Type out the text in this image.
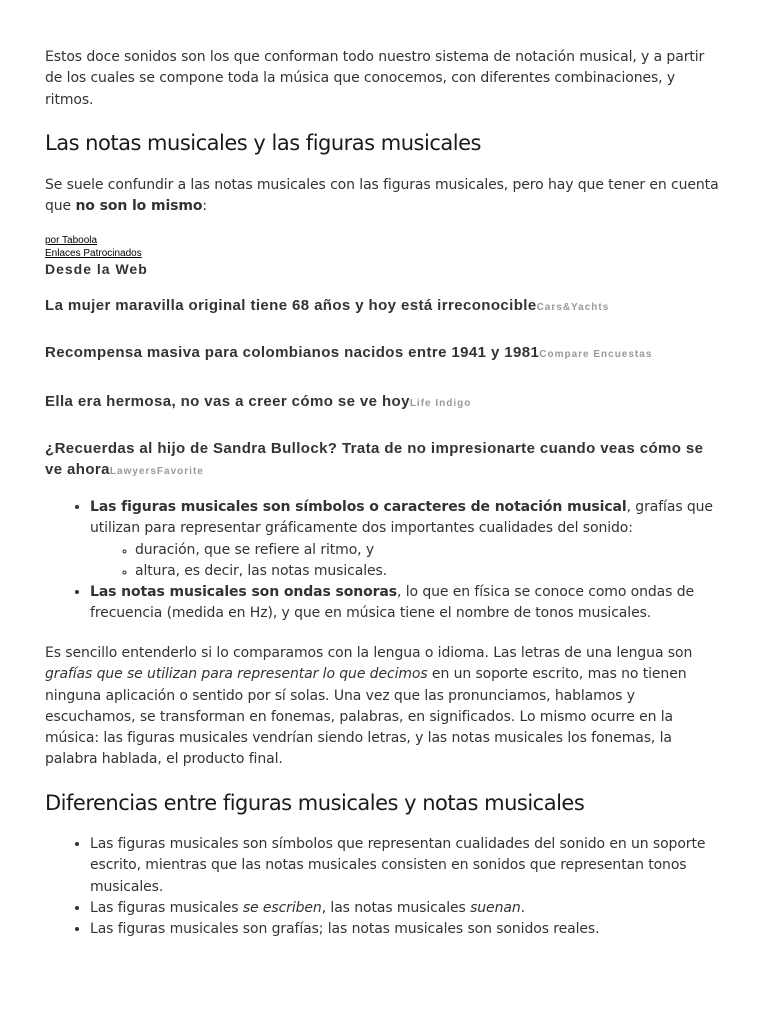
Estos doce sonidos son los que conforman todo nuestro sistema de notación musical, y a partir de los cuales se compone toda la música que conocemos, con diferentes combinaciones, y ritmos.

Las notas musicales y las figuras musicales

Se suele confundir a las notas musicales con las figuras musicales, pero hay que tener en cuenta que no son lo mismo:

por Taboola
Enlaces Patrocinados
Desde la Web
La mujer maravilla original tiene 68 años y hoy está irreconocibleCars&Yachts
Recompensa masiva para colombianos nacidos entre 1941 y 1981Compare Encuestas
Ella era hermosa, no vas a creer cómo se ve hoyLife Indigo
¿Recuerdas al hijo de Sandra Bullock? Trata de no impresionarte cuando veas cómo se ve ahoraLawyersFavorite
• Las figuras musicales son símbolos o caracteres de notación musical, grafías que utilizan para representar gráficamente dos importantes cualidades del sonido:
◦ duración, que se refiere al ritmo, y
◦ altura, es decir, las notas musicales.
• Las notas musicales son ondas sonoras, lo que en física se conoce como ondas de frecuencia (medida en Hz), y que en música tiene el nombre de tonos musicales.

Es sencillo entenderlo si lo comparamos con la lengua o idioma. Las letras de una lengua son grafías que se utilizan para representar lo que decimos en un soporte escrito, mas no tienen ninguna aplicación o sentido por sí solas. Una vez que las pronunciamos, hablamos y escuchamos, se transforman en fonemas, palabras, en significados. Lo mismo ocurre en la música: las figuras musicales vendrían siendo letras, y las notas musicales los fonemas, la palabra hablada, el producto final.

Diferencias entre figuras musicales y notas musicales
• Las figuras musicales son símbolos que representan cualidades del sonido en un soporte escrito, mientras que las notas musicales consisten en sonidos que representan tonos musicales.
• Las figuras musicales se escriben, las notas musicales suenan.
• Las figuras musicales son grafías; las notas musicales son sonidos reales.
